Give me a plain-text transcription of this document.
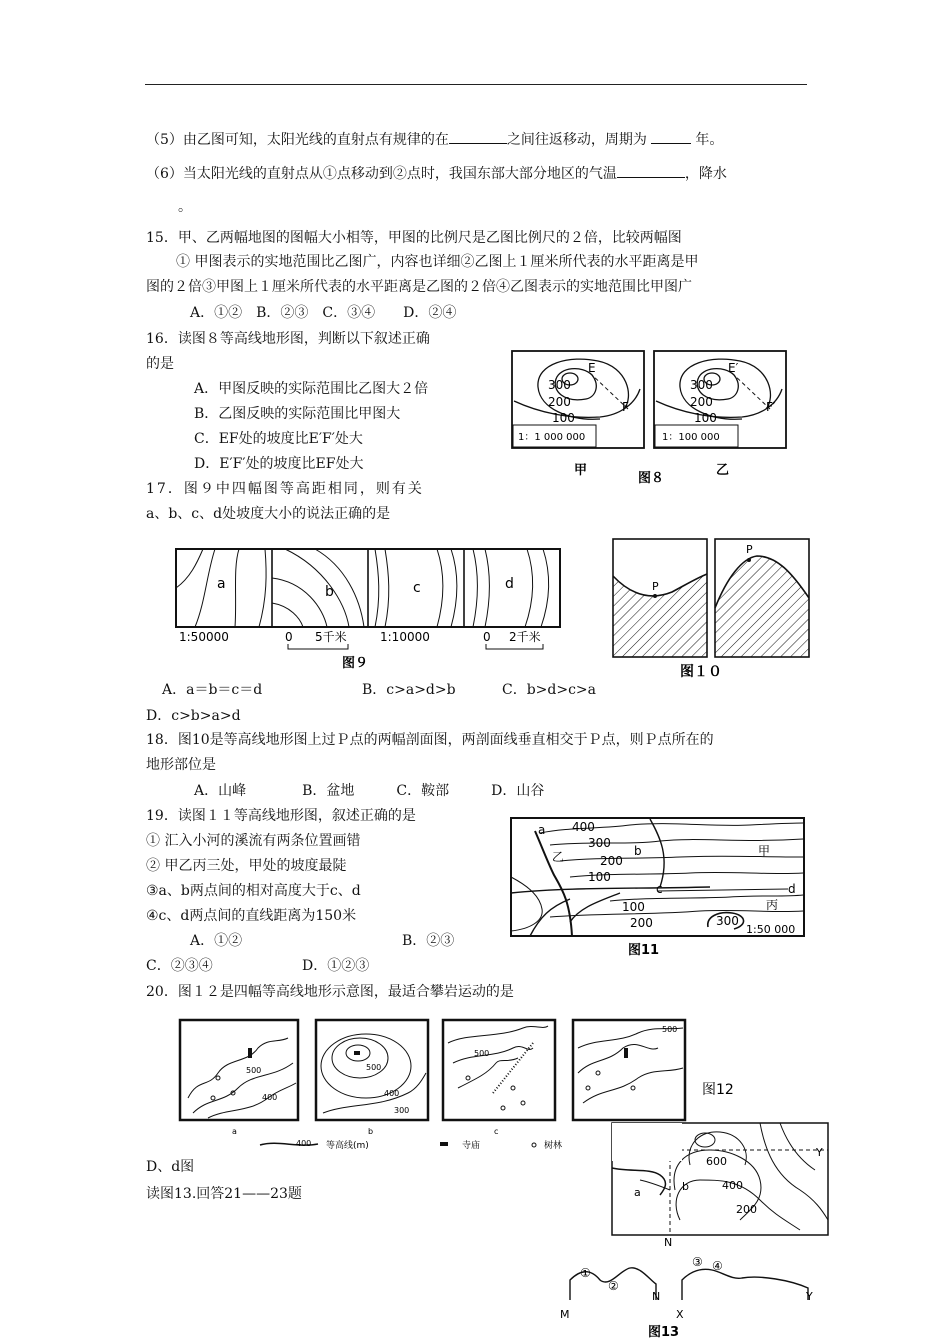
（5）由乙图可知，太阳光线的直射点有规律的在	之间往返移动，周期为	年。
（6）当太阳光线的直射点从①点移动到②点时，我国东部大部分地区的气温	，降水
。
15．甲、乙两幅地图的图幅大小相等，甲图的比例尺是乙图比例尺的２倍，比较两幅图
① 甲图表示的实地范围比乙图广，内容也详细②乙图上１厘米所代表的水平距离是甲
图的２倍③甲图上１厘米所代表的水平距离是乙图的２倍④乙图表示的实地范围比甲图广
A．①②　B．②③　C．③④　　D．②④
16．读图８等高线地形图，判断以下叙述正确
的是
A．甲图反映的实际范围比乙图大２倍
B．乙图反映的实际范围比甲图大
C．EF处的坡度比E′F′处大
D．E′F′处的坡度比EF处大
300
200
100
E
F
1：1 000 000
300
200
100
E′
F′
1：100 000
甲	乙
图８
17．图９中四幅图等高距相同，则有关
a、b、c、d处坡度大小的说法正确的是
a	b	c	d
1:50000	0 5千米	1:10000	0 2千米
图９
P
P
图１０
A．a＝b＝c＝d	B．c>a>d>b	C．b>d>c>a
D．c>b>a>d
18．图10是等高线地形图上过Ｐ点的两幅剖面图，两剖面线垂直相交于Ｐ点，则Ｐ点所在的
地形部位是
A．山峰　　　　B．盆地　　　C．鞍部　　　D．山谷
19．读图１１等高线地形图，叙述正确的是
① 汇入小河的溪流有两条位置画错
② 甲乙丙三处，甲处的坡度最陡
③a、b两点间的相对高度大于c、d
④c、d两点间的直线距离为150米
A．①②	B．②③
C．②③④	D．①②③
a 400
300
乙	200
b
100
甲
c	d
100	丙
200	300
1:50 000
图11
20．图１２是四幅等高线地形示意图，最适合攀岩运动的是
500
400
500
400
300
500
500
a	b	c
400 等高线(m)	寺庙	树林
图12
D、d图
读图13.回答21——23题
600
400
200
a	b
Y
N
①
②
M
N
③ ④
X
Y
图13
